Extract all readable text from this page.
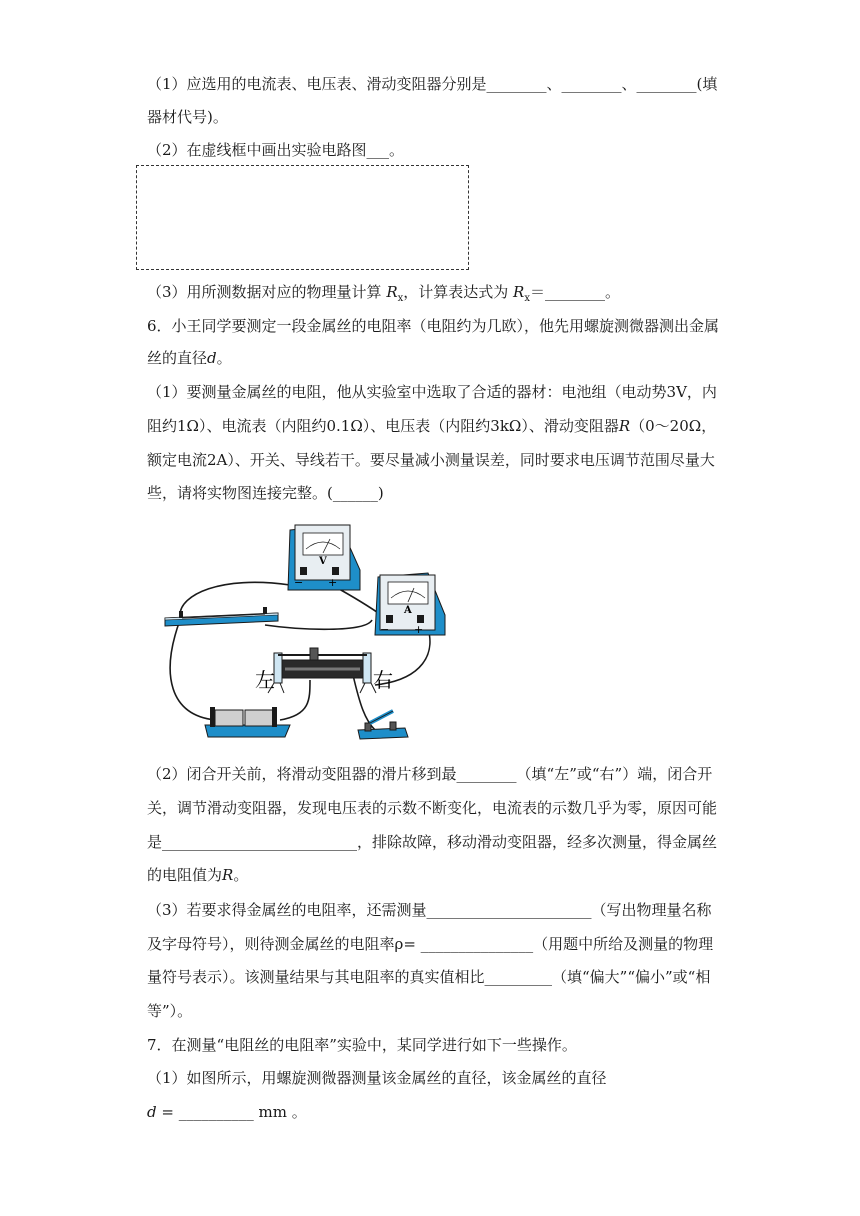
（1）应选用的电流表、电压表、滑动变阻器分别是________、________、________(填
器材代号)。
（2）在虚线框中画出实验电路图___。
（3）用所测数据对应的物理量计算 $R_x$，计算表达式为 $R_x=\_\_\_\_\_\_\_\_$。
6．小王同学要测定一段金属丝的电阻率（电阻约为几欧），他先用螺旋测微器测出金属
丝的直径d。
（1）要测量金属丝的电阻，他从实验室中选取了合适的器材：电池组（电动势3V，内
阻约1Ω）、电流表（内阻约0.1Ω）、电压表（内阻约3kΩ）、滑动变阻器R（0～20Ω，
额定电流2A）、开关、导线若干。要尽量减小测量误差，同时要求电压调节范围尽量大
些，请将实物图连接完整。(______)
V
− +
A
− +
左	右
（2）闭合开关前，将滑动变阻器的滑片移到最________（填“左”或“右”）端，闭合开
关，调节滑动变阻器，发现电压表的示数不断变化，电流表的示数几乎为零，原因可能
是__________________________，排除故障，移动滑动变阻器，经多次测量，得金属丝
的电阻值为R。
（3）若要求得金属丝的电阻率，还需测量______________________（写出物理量名称
及字母符号），则待测金属丝的电阻率ρ= _______________（用题中所给及测量的物理
量符号表示）。该测量结果与其电阻率的真实值相比_________（填“偏大”“偏小”或“相
等”）。
7．在测量“电阻丝的电阻率”实验中，某同学进行如下一些操作。
（1）如图所示，用螺旋测微器测量该金属丝的直径，该金属丝的直径
d = __________ mm 。
